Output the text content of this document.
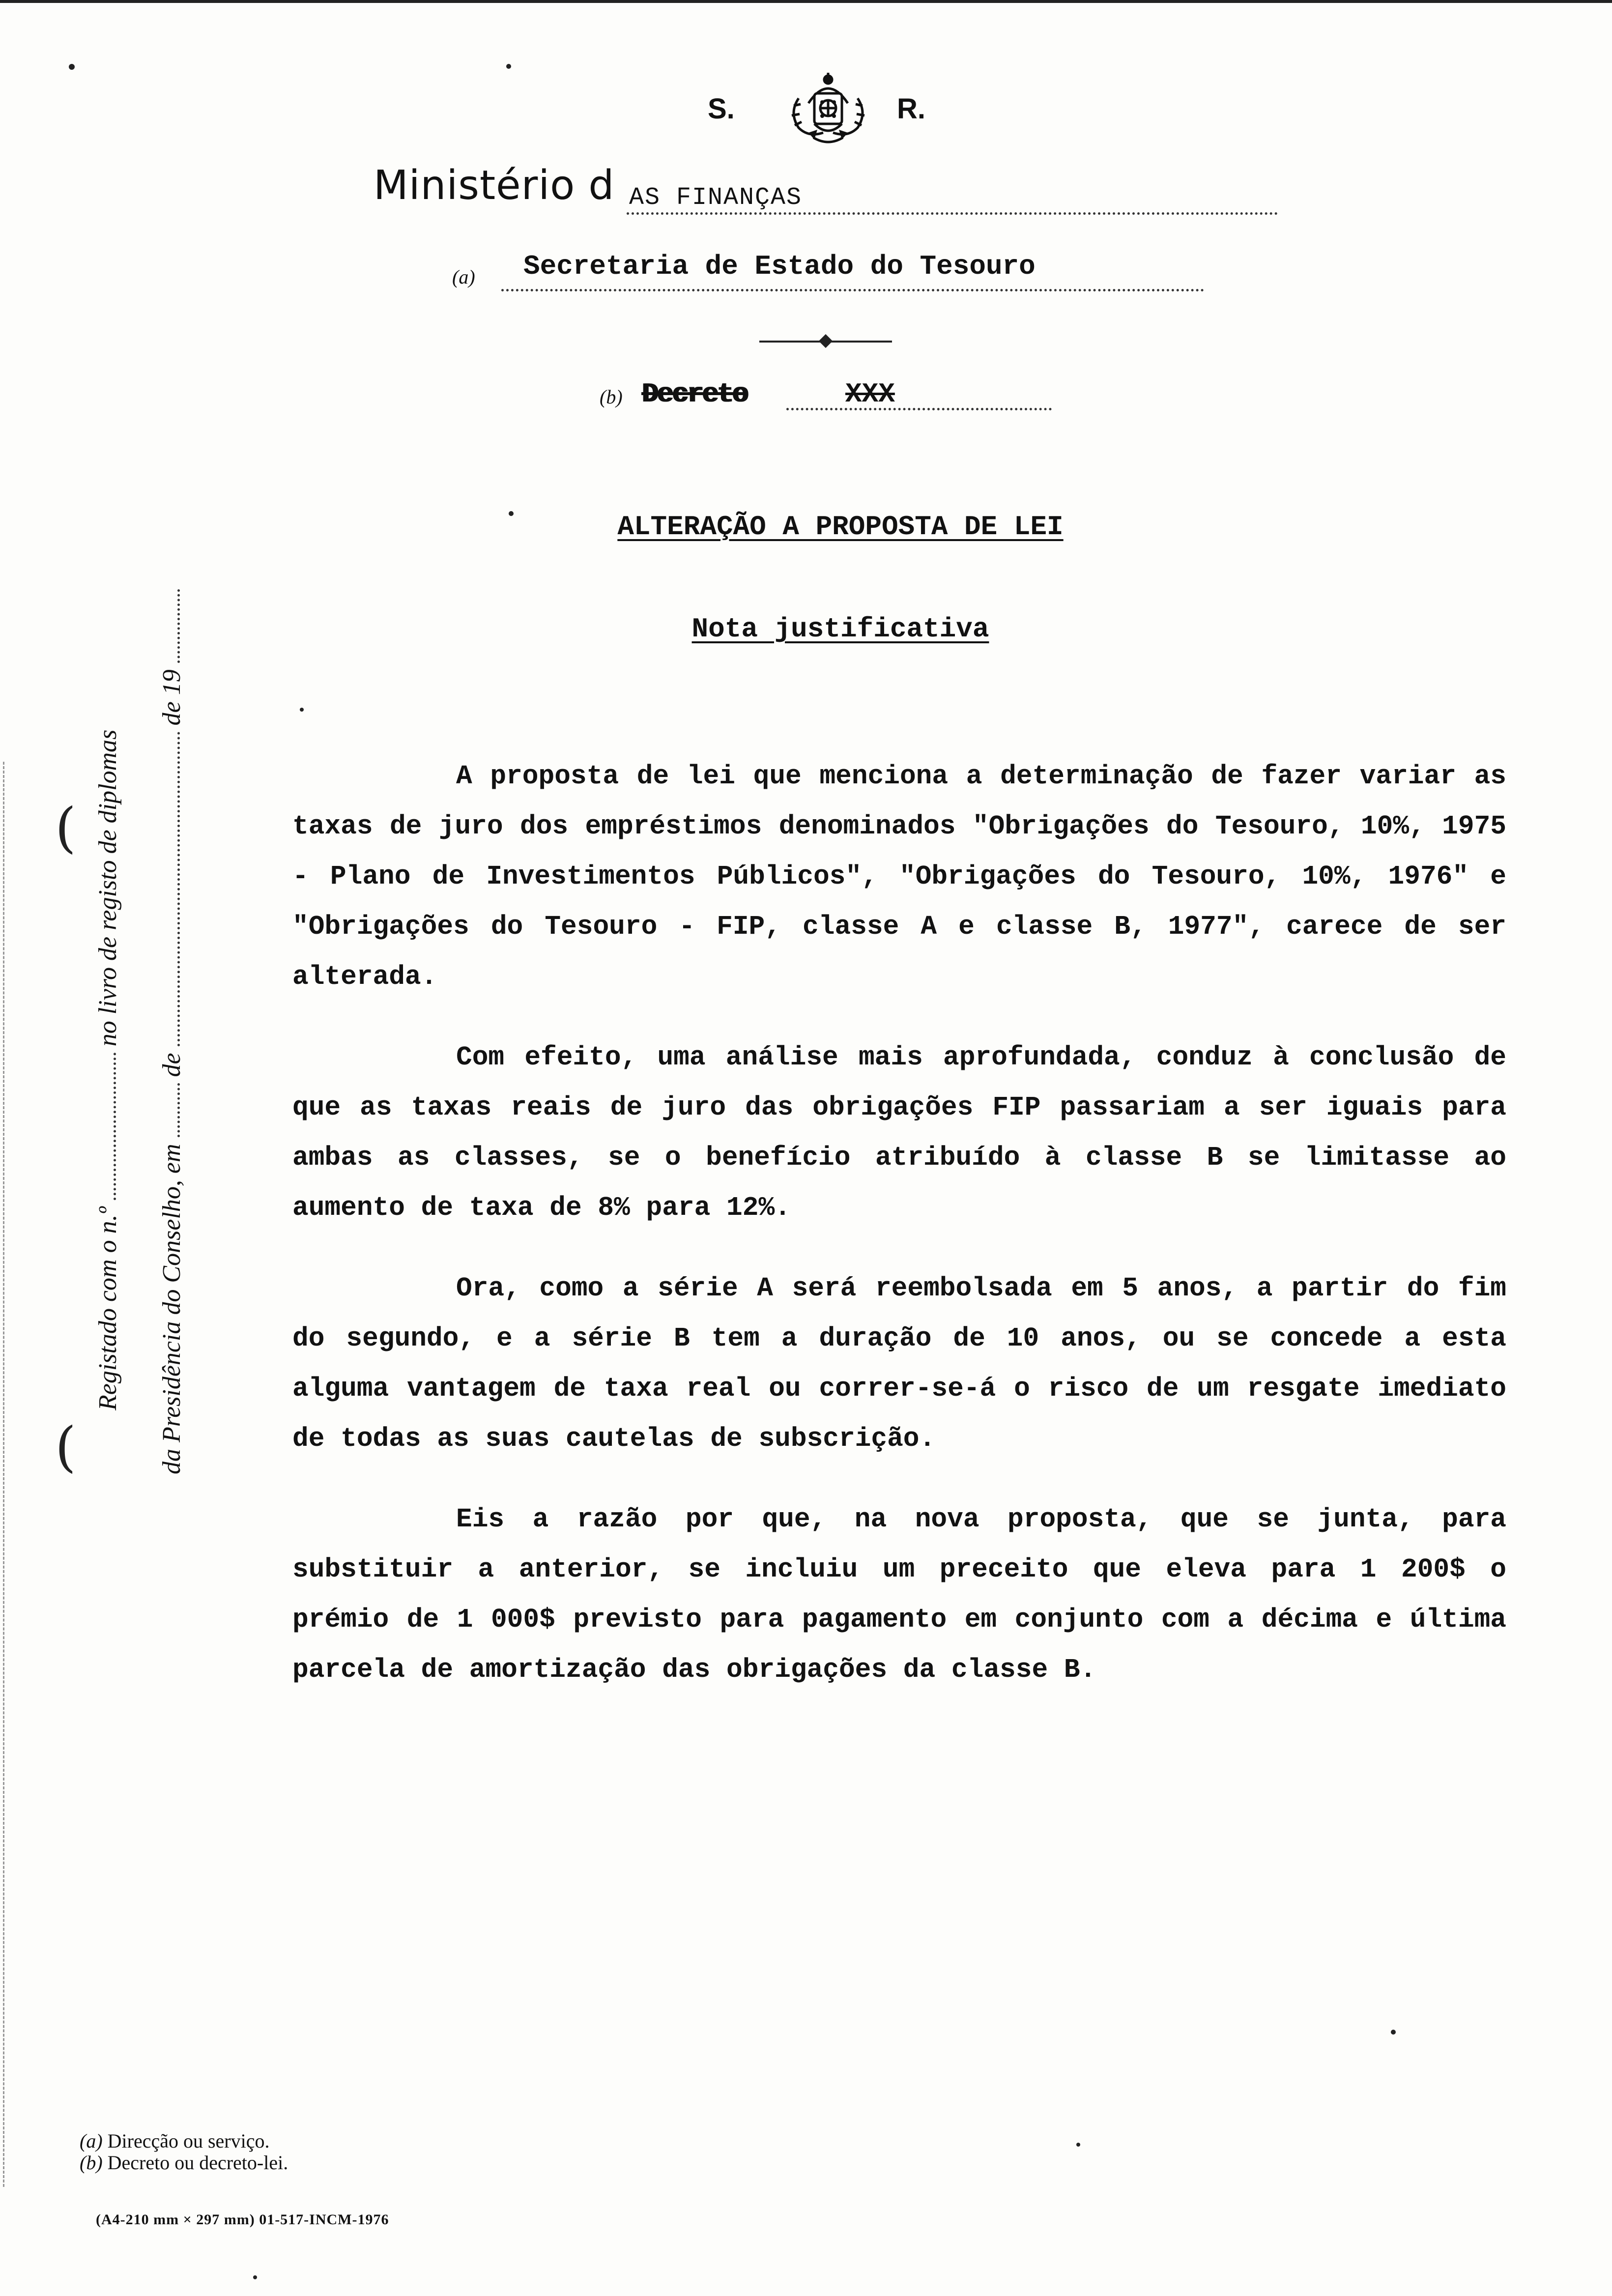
S.	R.
Ministério d AS FINANÇAS
(a) Secretaria de Estado do Tesouro
(b) Decreto	XXX
ALTERAÇÃO A PROPOSTA DE LEI
Nota justificativa

A proposta de lei que menciona a determinação de fazer variar as taxas de juro dos empréstimos denominados "Obrigações do Tesouro, 10%, 1975 - Plano de Investimentos Públicos", "Obrigações do Tesouro, 10%, 1976" e "Obrigações do Tesouro - FIP, classe A e classe B, 1977", carece de ser alterada.

Com efeito, uma análise mais aprofundada, conduz à conclusão de que as taxas reais de juro das obrigações FIP passariam a ser iguais para ambas as classes, se o benefício atribuído à classe B se limitasse ao aumento de taxa de 8% para 12%.

Ora, como a série A será reembolsada em 5 anos, a partir do fim do segundo, e a série B tem a duração de 10 anos, ou se concede a esta alguma vantagem de taxa real ou correr-se-á o risco de um resgate imediato de todas as suas cautelas de subscrição.

Eis a razão por que, na nova proposta, que se junta, para substituir a anterior, se incluiu um preceito que eleva para 1 200$ o prémio de 1 000$ previsto para pagamento em conjunto com a décima e última parcela de amortização das obrigações da classe B.

(
(
Registado com o n.º  no livro de registo de diplomas
da Presidência do Conselho, em  de  de 19
(a) Direcção ou serviço.
(b) Decreto ou decreto-lei.
(A4-210 mm × 297 mm) 01-517-INCM-1976
